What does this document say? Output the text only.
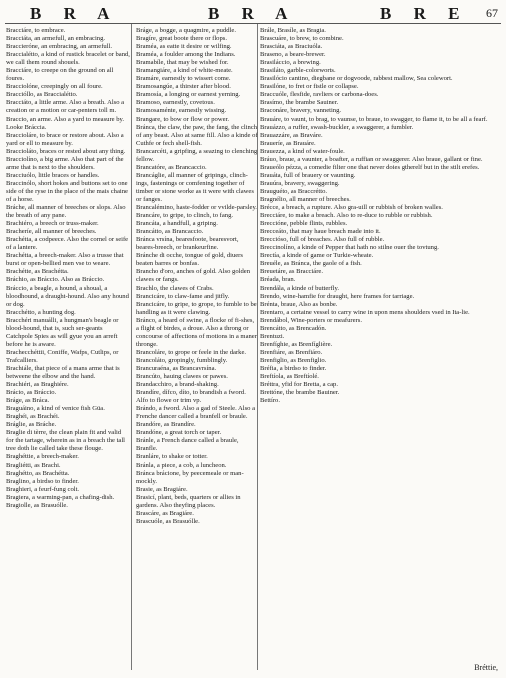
B R A	B R A	B R E 67

Bracciáre, to embrace.

Bracciáta, an armefull, an embracing.

Braccieróne, an embracing, an armefull.

Braccialétto, a kind of rustick bracelet or band, we call them round shouels.

Bracciáre, to creepe on the ground on all foures.

Bracciolóne, creepingly on all foure.

Braccióllo, as Braccialétto.

Bracciáto, a little arme. Also a breath. Also a creation or a motion or car-penters toll m.

Braccio, an arme. Also a yard to measure by. Looke Bráccia.

Braccioláre, to brace or restore about. Also a yard or ell to measure by.

Braccioláto, braces or rested about any thing.

Bracciolíno, a big arme. Also that part of the arme that is next to the shoulders.

Bracciuólo, little braces or handles.

Braccinólo, short hokes and buttons set to one side of the ryse in the place of the mais chaine of a horse.

Bráche, all manner of breeches or slops. Also the breath of any pane.

Brachiéro, a breech or truss-maker.

Bracheríe, all manner of breeches.

Brachétta, a codpeece. Also the cornel or seife of a lantere.

Brachétta, a breech-maker. Also a trusse that burst or open-bellied men vse to weare.

Brachétte, as Brachétta.

Bráchio, as Bráccio. Also as Bráccio.

Bráccio, a beagle, a hound, a shoual, a bloodhound, a draught-hound. Also any hound or dog.

Bracchétto, a hunting dog.

Bracchéri manuálli, a hungman's beagle or blood-hound, that is, such ser-geants Catchpole Spies as will gyue you an arreft before he is aware.

Brachecchéttii, Coniffe, Wafps, Cutlips, or Trafcalliers.

Brachiále, that piece of a mans arme that is betweene the elbow and the hand.

Brachiéri, as Braghiére.

Brácio, as Bráccio.

Bráge, as Bráca.

Braguáino, a kind of venice fish Güa.

Braghéi, as Brachéi.

Bráglie, as Bráche.

Braglie di tèrre, the clean plain fit and valid for the tartage, wherein as in a breach the tall tree doth lie called take these flouge.

Braghéttie, a breech-maker.

Bragliétti, as Brachi.

Braghétto, as Brachétta.

Braglino, a birdso to finder.

Braghieri, a feurf-fung colt.

Bragiera, a warming-pan, a chafing-dish.

Bragiolle, as Brasuólle.

Bráge, a bogge, a quagmire, a puddle.

Bragíre, great boote there or flops.

Braméa, as eatte it desire or wilfing.

Braméa, a foulder among the Indians.

Bramabíle, that may be wished for.

Bramangiáre, a kind of white-meate.

Bramáre, earnestly to wissert come.

Bramosangúe, a thirster after blood.

Bramosía, a longing or earnest yerning.

Bramoso, earnestly, covetous.

Bramosaménte, earnestly wissing.

Brangare, to bow or flow or power.

Bránca, the claw, the paw, the fang, the clinch of any beast. Also at same fill. Also a kinde of Cuthfe or fech shell-fish.

Brancarcéti, a gripfing, a seazing to clenching fellow.

Brancatóre, as Brancaccio.

Brancáglie, all manner of gripings, clinch-ings, fastenings or comfening together of timber or stone worke as it were with clawes or fanges.

Brancalémino, haste-fodder or vvilde-parsley.

Brancáre, to gripe, to clinch, to fang.

Brancáta, a handfull, a griping.

Brancátto, as Brancaccio.

Bránca vrsína, bearesfoote, bearesvort, beares-breech, or brankeurfine.

Bránche di ocche, tongue of gold, diuers beaten barres or bonfas.

Brancho d'oro, anches of gold. Also golden clawes or fangs.

Brachlo, the clawes of Crabs.

Brancicáre, to claw-fame and jitfly.

Brancicáre, to gripe, to grope, to fumble to be handling as it were clawing.

Bránco, a heard of swine, a flocke of fi-shes, a flight of birdes, a droue. Also a throng or concourse of affections of motions in a maner thronge.

Brancoláre, to grope or feele in the darke.

Brancoláto, gropingly, fumblingly.

Brancuraéna, as Brancavrsína.

Brancúto, hauing clawes or pawes.

Brandacchiro, a brand-shaking.

Brandíre, dífco, díto, to brandish a fword. Alfo to flowe or trim vp.

Brándo, a fword. Also a gad of Steele. Also a Frenche dancer called a branfell or braule.

Brandóre, as Brandíre.

Brandóne, a great torch or taper.

Bránle, a French dance called a braule, Branfle.

Branláre, to shake or totter.

Bránla, a piece, a cob, a luncheon.

Bránca brácione, by peecemeale or man-mockly.

Brasie, as Bragiáre.

Brasicí, plant, beds, quarters or allies in gardens. Also theyfing places.

Brascáre, as Bragiáre.

Brascuóle, as Brasuólle.

Brále, Brasíle, as Bragia.

Brascuáre, to brew, to combine.

Brasciáta, as Braciuóla.

Braseno, a beare-brewer.

Brasiláccio, a brewing.

Brasiláto, garble-colorworts.

Brasilócio cantino, diegbane or dogvoode, rabbest mallow, Sea colewort.

Brasilóne, to fret or fistle or collapse.

Braccuóle, flesfide, ravliers or carbona-does.

Brasímo, the brambe Sauiner.

Braconáre, bravery, vanneting.

Brauáre, to vaunt, to brag, to vaunse, to braue, to swagger, to flame it, to be all a fearf.

Brauázzo, a ruffer, swash-buckler, a swaggerer, a fumbler.

Brauazzáre, as Braváre.

Braueríe, as Brauáre.

Brauezza, a kind of water-foule.

Bráuo, braue, a vaunter, a boafter, a ruffian or swaggerer. Also braue, gallant or fine.

Braueólo pézza, a comedie filter one that never doies gtherelf but in the stilt erefes.

Brauáta, full of brauery or vaunting.

Brauúra, bravery, swaggering.

Brauguéto, as Braccrétto.

Bragnélio, all manner of breeches.

Brécce, a breach, a rupture. Also gra-uill or rubbish of broken walles.

Brecciáre, to make a breach. Also to re-duce to rubble or rubbish.

Breccióne, pebble flints, rubbles.

Brecceáto, that may haue breach made into it.

Breccióso, full of breaches. Also full of rubble.

Breccinolíno, a kinde of Pepper that hath no stilne ouer the tovtung.

Brectía, a kinde of game or Turkie-wheate.

Breuéle, as Bránca, the gaole of a fish.

Breuetáre, as Bracciáre.

Bréada, bran.

Brendála, a kinde of butterfly.

Brendo, wine-hamfie for draught, here frames for tarriage.

Brénta, braue, Also as bonbe.

Brentaro, a certaine vessel to carry wine in upon mens shoulders vsed in Ita-lie.

Brendábol, Wine-porters or meafurers.

Brencátto, as Brencadón.

Brentuzi.

Brenfíghie, as Brenfíglière.

Brenfiáre, as Brenfiáro.

Brenfiglio, as Brenfiglio.

Bréfia, a birdso to finder.

Breftíola, as Breftíolé.

Bréttra, yfid for Bretta, a cap.

Brettóne, the brambe Bauiner.

Bettíro.

Bréttie,
